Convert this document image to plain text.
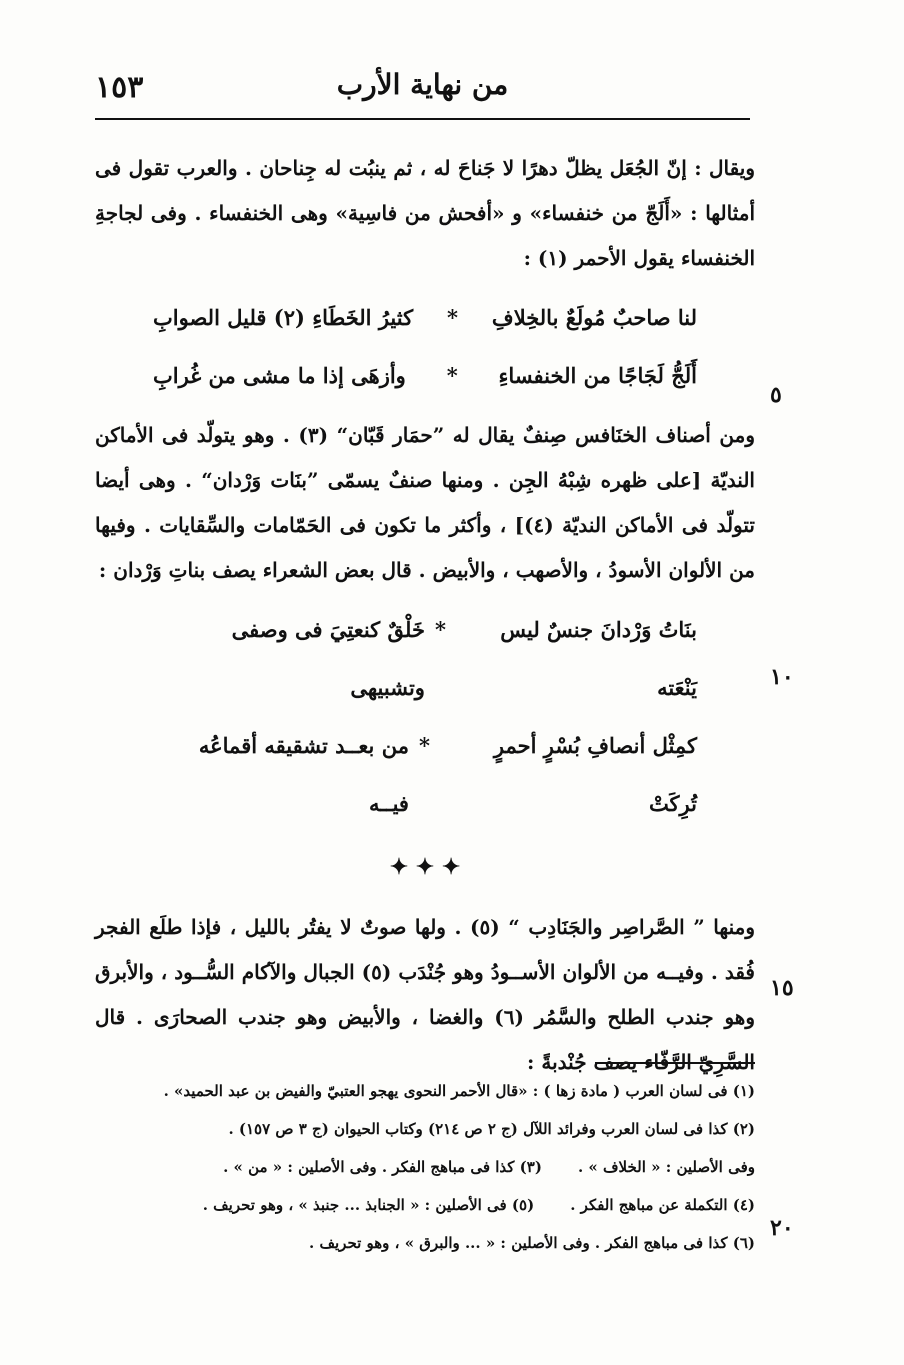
١٥٣	من نهاية الأرب
٥
١٠
١٥
٢٠

ويقال : إنّ الجُعَل يظلّ دهرًا لا جَناحَ له ، ثم ينبُت له جِناحان . والعرب تقول فى أمثالها : «أَلَجّ من خنفساء» و «أفحش من فاسِية» وهى الخنفساء . وفى لجاجةِ الخنفساء يقول الأحمر (١) :

لنا صاحبٌ مُولَعٌ بالخِلافِ
*
كثيرُ الخَطَاءِ (٢) قليل الصوابِ
أَلَجُّ لَجَاجًا من الخنفساءِ
*
وأزهَى إذا ما مشى من غُرابِ

ومن أصناف الخنَافس صِنفٌ يقال له ”حمَار قَبّان“ (٣) . وهو يتولّد فى الأماكن النديّة [على ظهره شِبْهُ الجِن . ومنها صنفٌ يسمّى ”بنَات وَرْدان“ . وهى أيضا تتولّد فى الأماكن النديّة (٤)] ، وأكثر ما تكون فى الحَمّامات والسِّقايات . وفيها من الألوان الأسودُ ، والأصهب ، والأبيض . قال بعض الشعراء يصف بناتِ وَرْدان :

بنَاتُ وَرْدانَ جنسٌ ليس يَنْعَته
*
خَلْقٌ كنعتِيَ فى وصفى وتشبيهى
كمِثْل أنصافِ بُسْرٍ أحمرٍ تُرِكَتْ
*
من بعــد تشقيقه أقماعُه فيــه
✦ ✦ ✦

ومنها ” الصَّراصِر والجَنَادِب “ (٥) . ولها صوتٌ لا يفتُر بالليل ، فإذا طلَع الفجر فُقد . وفيــه من الألوان الأســودُ وهو جُنْدَب (٥) الجبال والآكام السُّــود ، والأبرق وهو جندب الطلح والسَّمُر (٦) والغضا ، والأبيض وهو جندب الصحارَى . قال السَّرِيّ الرَّفّاء يصف جُنْدبةً :

(١) فى لسان العرب ( مادة زها ) : «قال الأحمر النحوى يهجو العتبيّ والفيض بن عبد الحميد» .
(٢) كذا فى لسان العرب وفرائد اللآل (ج ٢ ص ٢١٤) وكتاب الحيوان (ج ٣ ص ١٥٧) .
وفى الأصلين : « الخلاف » .
(٣) كذا فى مباهج الفكر . وفى الأصلين : « من » .
(٤) التكملة عن مباهج الفكر .
(٥) فى الأصلين : « الجنابذ ... جنبذ » ، وهو تحريف .
(٦) كذا فى مباهج الفكر . وفى الأصلين : « ... والبرق » ، وهو تحريف .
